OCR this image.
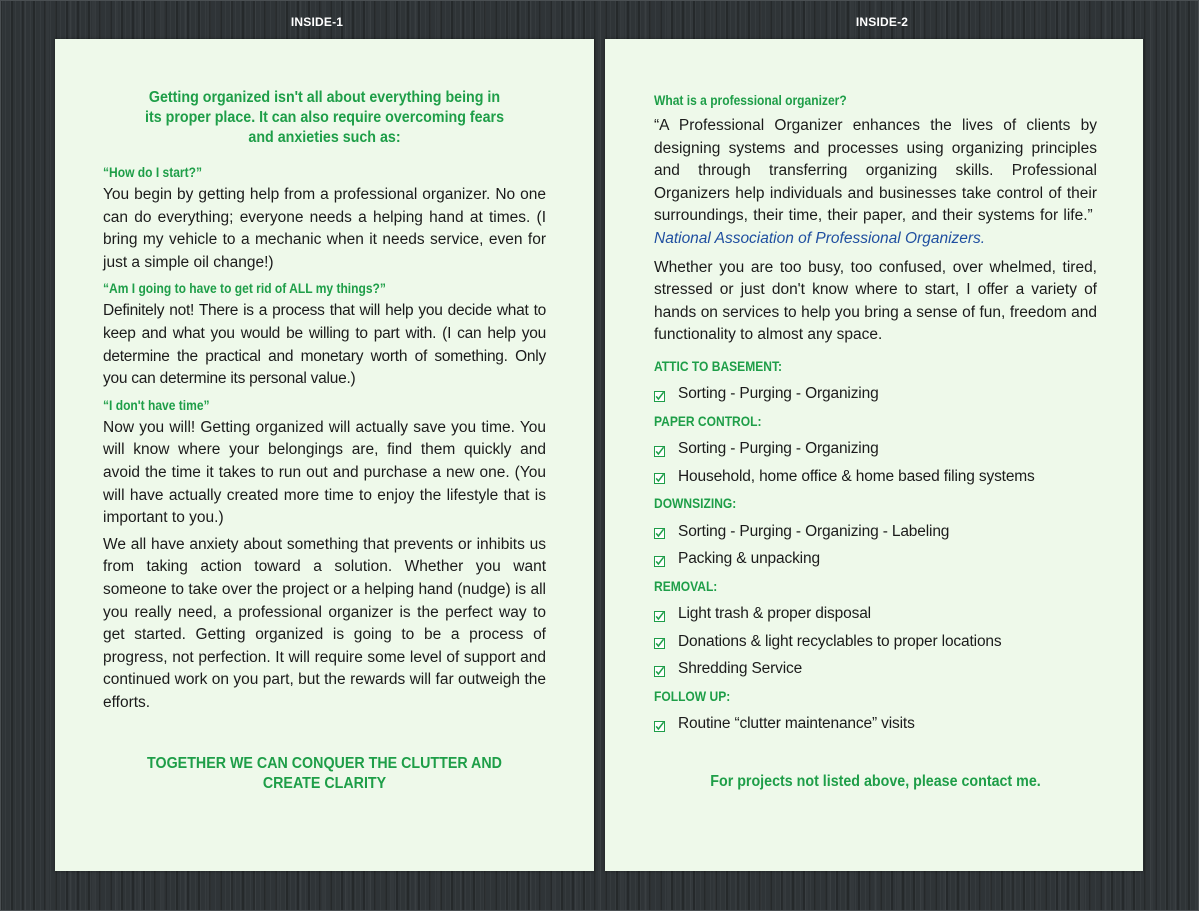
INSIDE-1	INSIDE-2
Getting organized isn't all about everything being in its proper place. It can also require overcoming fears and anxieties such as:
“How do I start?”
You begin by getting help from a professional organizer. No one can do everything; everyone needs a helping hand at times. (I bring my vehicle to a mechanic when it needs service, even for just a simple oil change!)
“Am I going to have to get rid of ALL my things?”
Definitely not! There is a process that will help you decide what to keep and what you would be willing to part with. (I can help you determine the practical and monetary worth of something. Only you can determine its personal value.)
“I don't have time”
Now you will! Getting organized will actually save you time. You will know where your belongings are, find them quickly and avoid the time it takes to run out and purchase a new one. (You will have actually created more time to enjoy the lifestyle that is important to you.)
We all have anxiety about something that prevents or inhibits us from taking action toward a solution. Whether you want someone to take over the project or a helping hand (nudge) is all you really need, a professional organizer is the perfect way to get started. Getting organized is going to be a process of progress, not perfection. It will require some level of support and continued work on you part, but the rewards will far outweigh the efforts.
TOGETHER WE CAN CONQUER THE CLUTTER AND CREATE CLARITY
What is a professional organizer?
“A Professional Organizer enhances the lives of clients by designing systems and processes using organizing principles and through transferring organizing skills. Professional Organizers help individuals and businesses take control of their surroundings, their time, their paper, and their systems for life.”  National Association of Professional Organizers.
Whether you are too busy, too confused, over whelmed, tired, stressed or just don't know where to start, I offer a variety of hands on services to help you bring a sense of fun, freedom and functionality to almost any space.
ATTIC TO BASEMENT:
Sorting - Purging - Organizing
PAPER CONTROL:
Sorting - Purging - Organizing
Household, home office & home based filing systems
DOWNSIZING:
Sorting - Purging - Organizing - Labeling
Packing & unpacking
REMOVAL:
Light trash & proper disposal
Donations & light recyclables to proper locations
Shredding Service
FOLLOW UP:
Routine “clutter maintenance” visits
For projects not listed above, please contact me.
